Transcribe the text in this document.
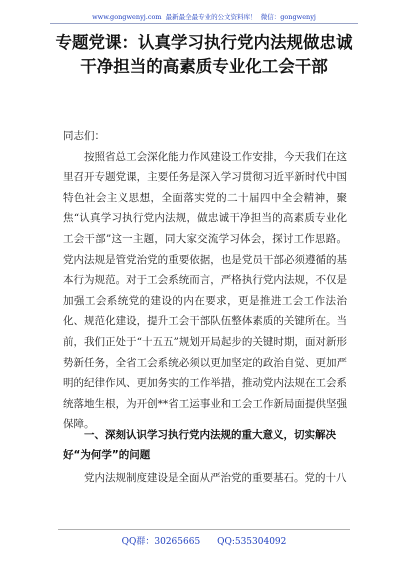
www.gongwenyj.com 最新最全最专业的公文资料库！ 微信：gongwenyj
专题党课：认真学习执行党内法规做忠诚
干净担当的高素质专业化工会干部

同志们：

按照省总工会深化能力作风建设工作安排，今天我们在这里召开专题党课，主要任务是深入学习贯彻习近平新时代中国特色社会主义思想，全面落实党的二十届四中全会精神，聚焦“认真学习执行党内法规，做忠诚干净担当的高素质专业化工会干部”这一主题，同大家交流学习体会，探讨工作思路。党内法规是管党治党的重要依据，也是党员干部必须遵循的基本行为规范。对于工会系统而言，严格执行党内法规，不仅是加强工会系统党的建设的内在要求，更是推进工会工作法治化、规范化建设，提升工会干部队伍整体素质的关键所在。当前，我们正处于“十五五”规划开局起步的关键时期，面对新形势新任务，全省工会系统必须以更加坚定的政治自觉、更加严明的纪律作风、更加务实的工作举措，推动党内法规在工会系统落地生根，为开创**省工运事业和工会工作新局面提供坚强保障。

一、深刻认识学习执行党内法规的重大意义，切实解决好“为何学”的问题
党内法规制度建设是全面从严治党的重要基石。党的十八
QQ群：30265665 QQ:535304092
